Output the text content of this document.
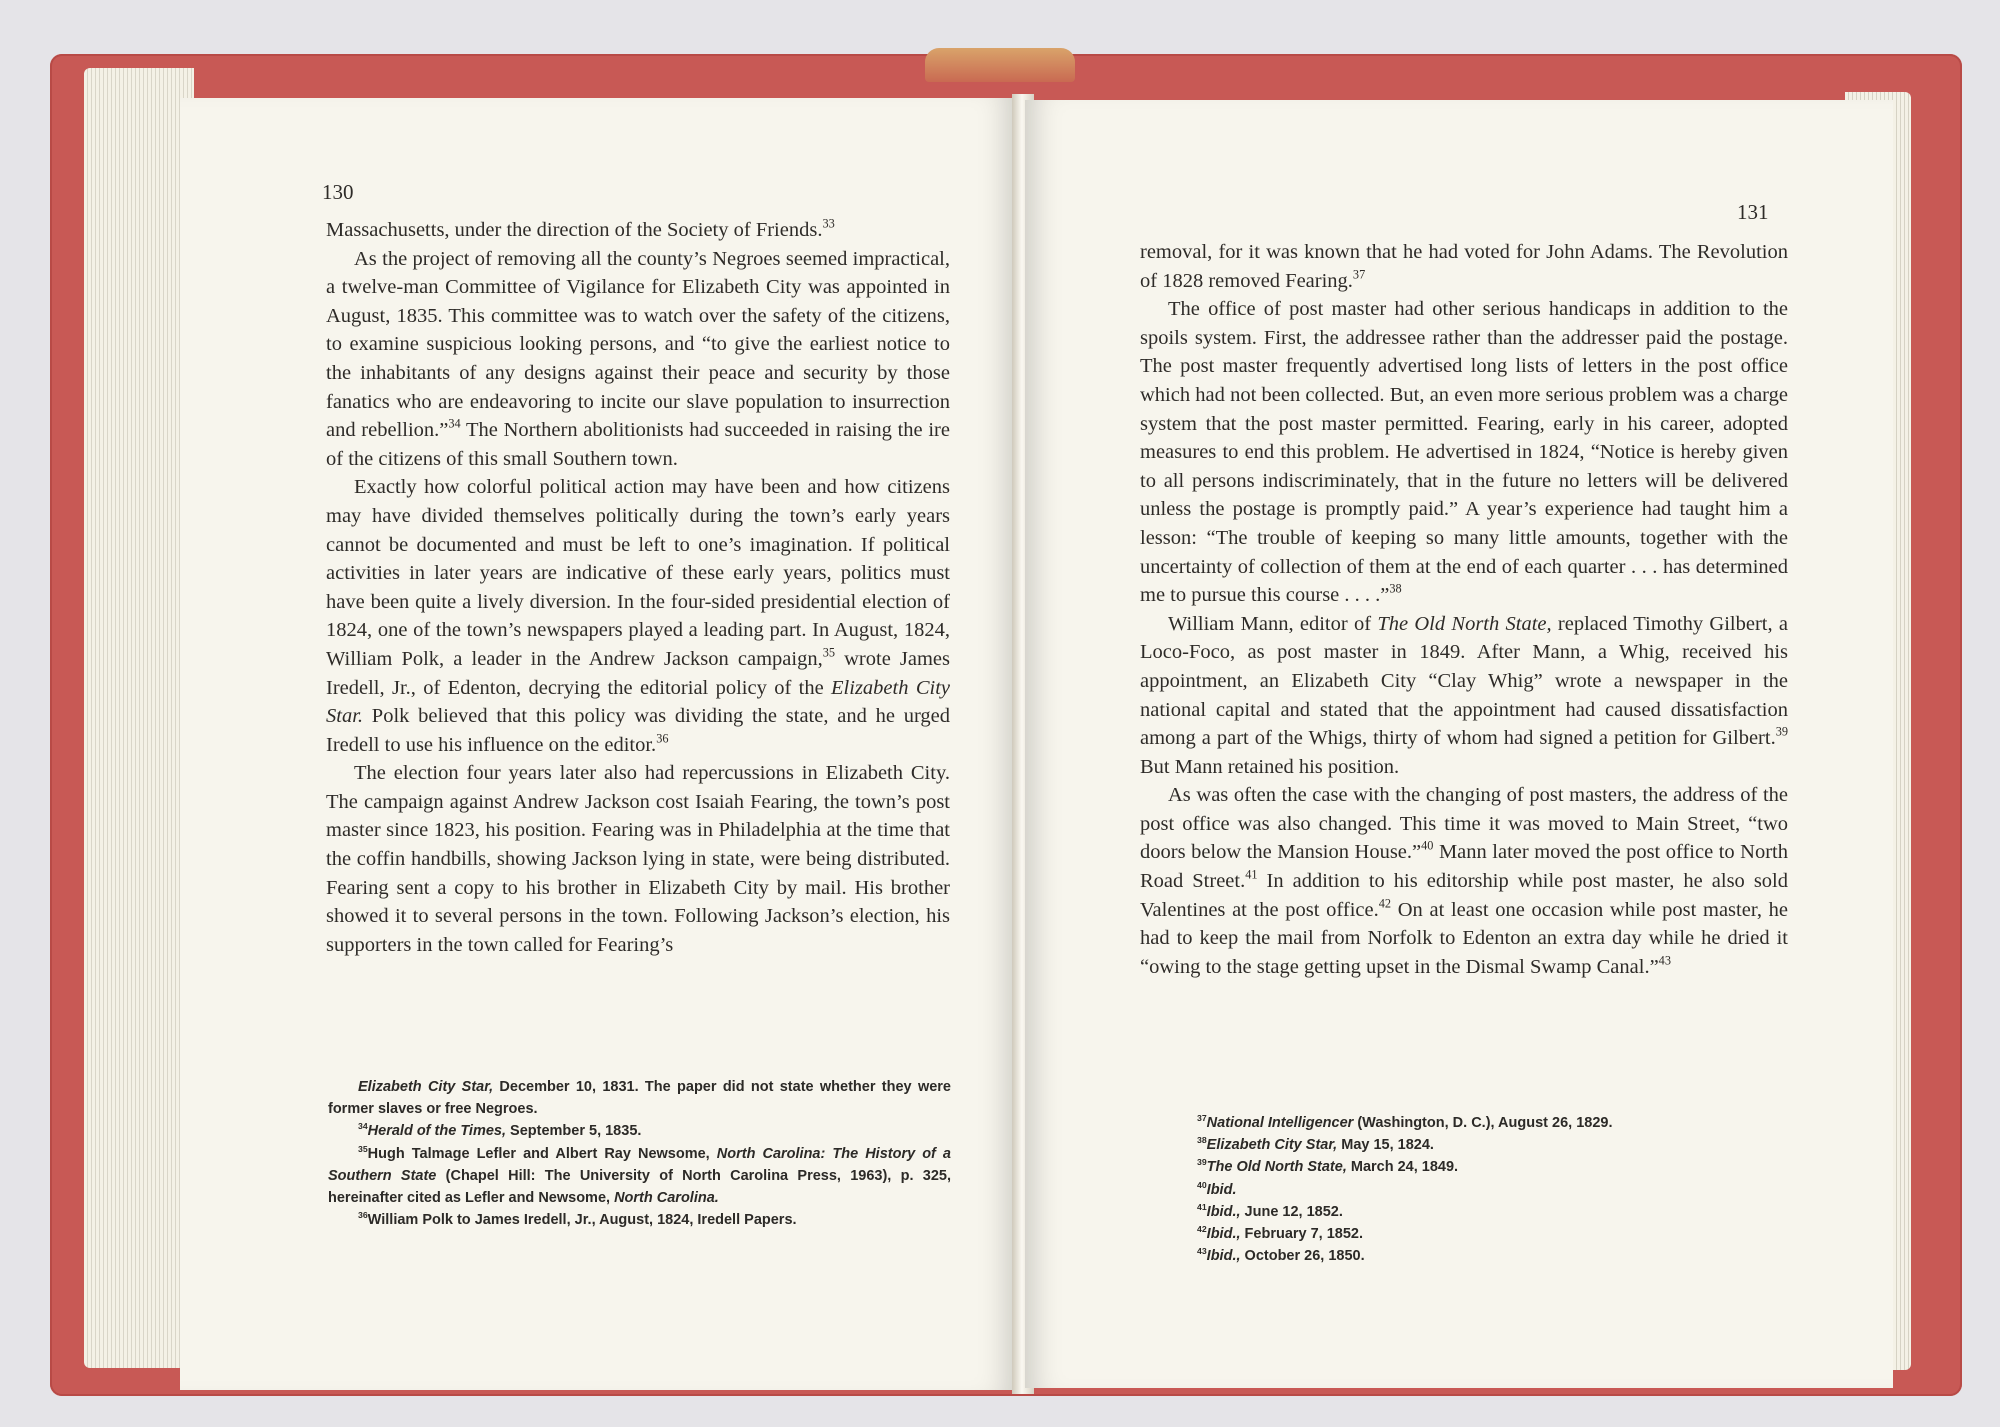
130

Massachusetts, under the direction of the Society of Friends.$^{33}$

As the project of removing all the county’s Negroes seemed impractical, a twelve-man Committee of Vigilance for Elizabeth City was appointed in August, 1835. This committee was to watch over the safety of the citizens, to examine suspicious looking persons, and “to give the earliest notice to the inhabitants of any designs against their peace and security by those fanatics who are endeavoring to incite our slave population to insurrection and rebellion.”$^{34}$ The Northern abolitionists had succeeded in raising the ire of the citizens of this small Southern town.

Exactly how colorful political action may have been and how citizens may have divided themselves politically during the town’s early years cannot be documented and must be left to one’s imagination. If political activities in later years are indicative of these early years, politics must have been quite a lively diversion. In the four-sided presidential election of 1824, one of the town’s newspapers played a leading part. In August, 1824, William Polk, a leader in the Andrew Jackson campaign,$^{35}$ wrote James Iredell, Jr., of Edenton, decrying the editorial policy of the Elizabeth City Star. Polk believed that this policy was dividing the state, and he urged Iredell to use his influence on the editor.$^{36}$

The election four years later also had repercussions in Elizabeth City. The campaign against Andrew Jackson cost Isaiah Fearing, the town’s post master since 1823, his position. Fearing was in Philadelphia at the time that the coffin handbills, showing Jackson lying in state, were being distributed. Fearing sent a copy to his brother in Elizabeth City by mail. His brother showed it to several persons in the town. Following Jackson’s election, his supporters in the town called for Fearing’s

Elizabeth City Star, December 10, 1831. The paper did not state whether they were former slaves or free Negroes.

$^{34}$Herald of the Times, September 5, 1835.

$^{35}$Hugh Talmage Lefler and Albert Ray Newsome, North Carolina: The History of a Southern State (Chapel Hill: The University of North Carolina Press, 1963), p. 325, hereinafter cited as Lefler and Newsome, North Carolina.

$^{36}$William Polk to James Iredell, Jr., August, 1824, Iredell Papers.

131

removal, for it was known that he had voted for John Adams. The Revolution of 1828 removed Fearing.$^{37}$

The office of post master had other serious handicaps in addition to the spoils system. First, the addressee rather than the addresser paid the postage. The post master frequently advertised long lists of letters in the post office which had not been collected. But, an even more serious problem was a charge system that the post master permitted. Fearing, early in his career, adopted measures to end this problem. He advertised in 1824, “Notice is hereby given to all persons indiscriminately, that in the future no letters will be delivered unless the postage is promptly paid.” A year’s experience had taught him a lesson: “The trouble of keeping so many little amounts, together with the uncertainty of collection of them at the end of each quarter . . . has determined me to pursue this course . . . .”$^{38}$

William Mann, editor of The Old North State, replaced Timothy Gilbert, a Loco-Foco, as post master in 1849. After Mann, a Whig, received his appointment, an Elizabeth City “Clay Whig” wrote a newspaper in the national capital and stated that the appointment had caused dissatisfaction among a part of the Whigs, thirty of whom had signed a petition for Gilbert.$^{39}$ But Mann retained his position.

As was often the case with the changing of post masters, the address of the post office was also changed. This time it was moved to Main Street, “two doors below the Mansion House.”$^{40}$ Mann later moved the post office to North Road Street.$^{41}$ In addition to his editorship while post master, he also sold Valentines at the post office.$^{42}$ On at least one occasion while post master, he had to keep the mail from Norfolk to Edenton an extra day while he dried it “owing to the stage getting upset in the Dismal Swamp Canal.”$^{43}$

$^{37}$National Intelligencer (Washington, D. C.), August 26, 1829.

$^{38}$Elizabeth City Star, May 15, 1824.

$^{39}$The Old North State, March 24, 1849.

$^{40}$Ibid.

$^{41}$Ibid., June 12, 1852.

$^{42}$Ibid., February 7, 1852.

$^{43}$Ibid., October 26, 1850.
